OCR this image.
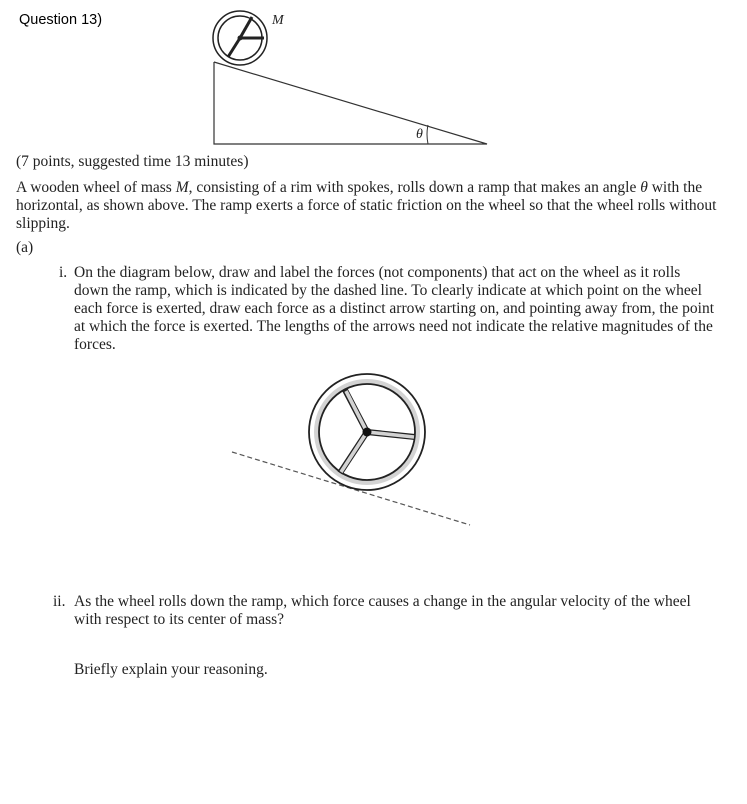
Question 13)	M
θ
(7 points, suggested time 13 minutes)
A wooden wheel of mass M, consisting of a rim with spokes, rolls down a ramp that makes an angle θ with the
horizontal, as shown above. The ramp exerts a force of static friction on the wheel so that the wheel rolls without
slipping.
(a)
i. On the diagram below, draw and label the forces (not components) that act on the wheel as it rolls
down the ramp, which is indicated by the dashed line. To clearly indicate at which point on the wheel
each force is exerted, draw each force as a distinct arrow starting on, and pointing away from, the point
at which the force is exerted. The lengths of the arrows need not indicate the relative magnitudes of the
forces.
ii. As the wheel rolls down the ramp, which force causes a change in the angular velocity of the wheel
with respect to its center of mass?
Briefly explain your reasoning.
